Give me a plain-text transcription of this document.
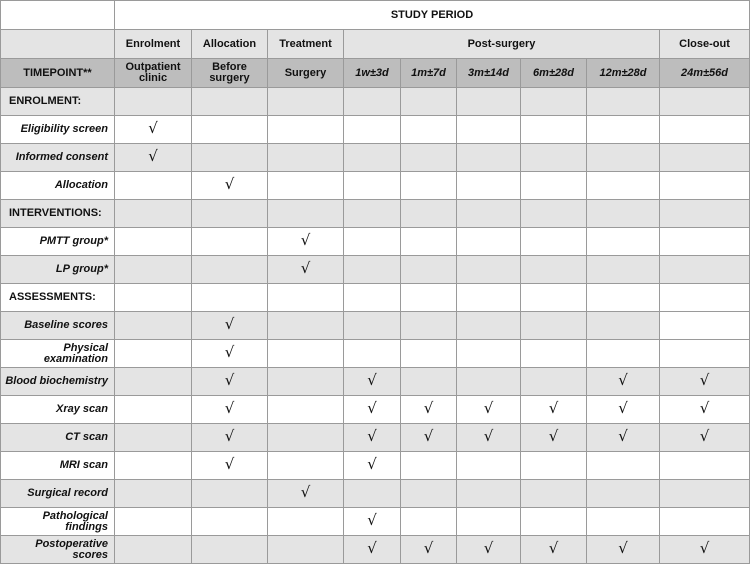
	STUDY PERIOD								
	Enrolment	Allocation	Treatment	Post-surgery					Close-out
TIMEPOINT**	Outpatient clinic	Before surgery	Surgery	1w±3d	1m±7d	3m±14d	6m±28d	12m±28d	24m±56d
ENROLMENT:									
Eligibility screen	√								
Informed consent	√								
Allocation		√							
INTERVENTIONS:									
PMTT group*			√						
LP group*			√						
ASSESSMENTS:									
Baseline scores		√							
Physical examination		√							
Blood biochemistry		√		√				√	√
Xray scan		√		√	√	√	√	√	√
CT scan		√		√	√	√	√	√	√
MRI scan		√		√					
Surgical record			√						
Pathological findings				√					
Postoperative scores				√	√	√	√	√	√
